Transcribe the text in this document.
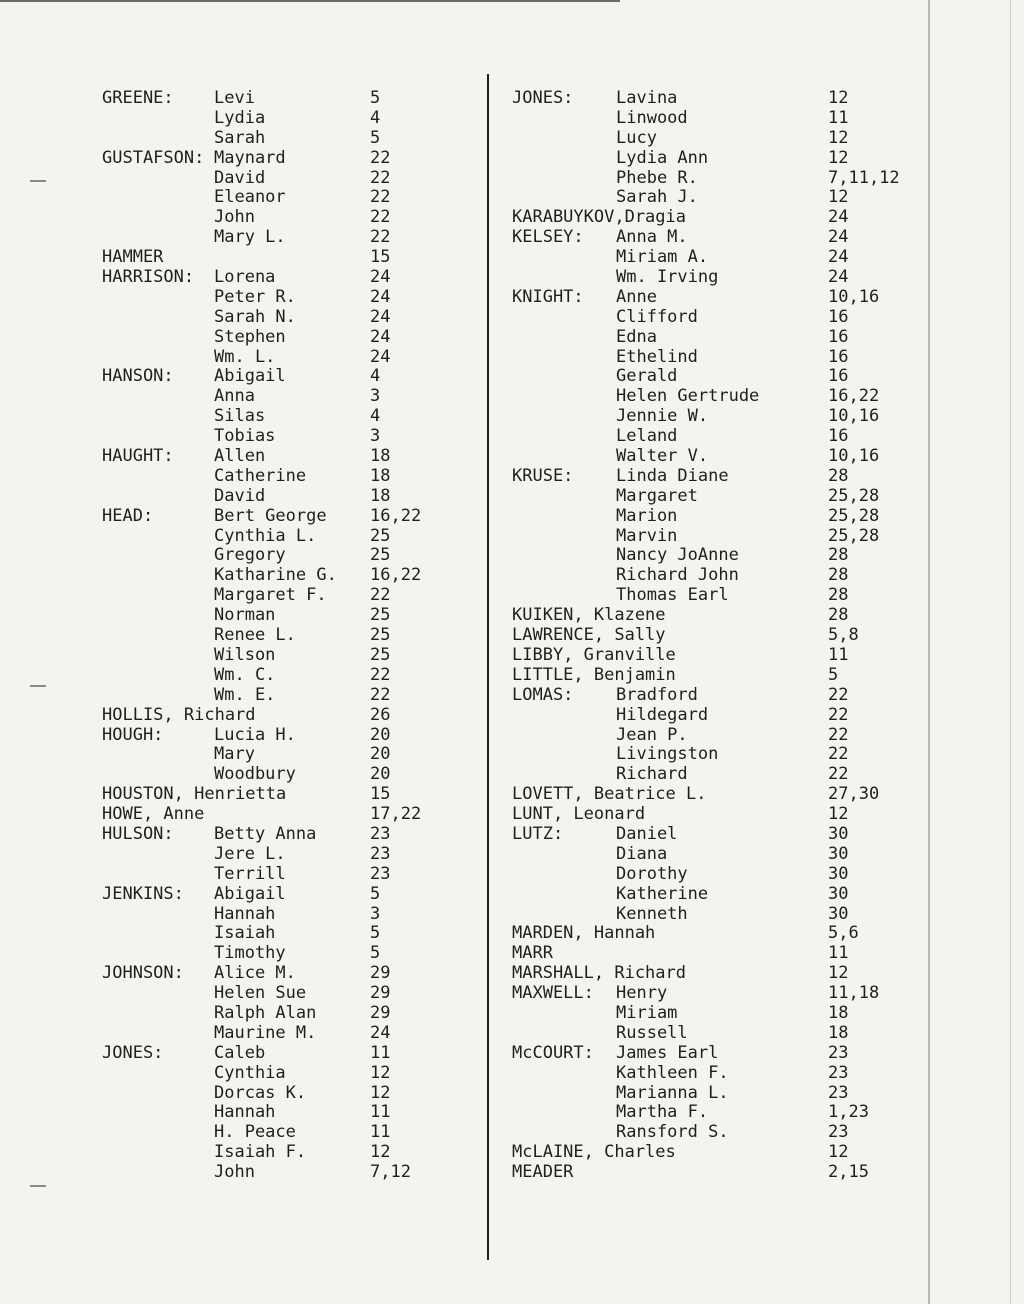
GREENE: Levi	5
Lydia	4
Sarah	5
GUSTAFSON: Maynard	22
David	22
Eleanor	22
John	22
Mary L.	22
HAMMER	15
HARRISON: Lorena	24
Peter R.	24
Sarah N.	24
Stephen	24
Wm. L.	24
HANSON: Abigail	4
Anna	3
Silas	4
Tobias	3
HAUGHT: Allen	18
Catherine	18
David	18
HEAD:	Bert George	16,22
Cynthia L.	25
Gregory	25
Katharine G. 16,22
Margaret F.	22
Norman	25
Renee L.	25
Wilson	25
Wm. C.	22
Wm. E.	22
HOLLIS, Richard	26
HOUGH:	Lucia H.	20
Mary	20
Woodbury	20
HOUSTON, Henrietta	15
HOWE, Anne	17,22
HULSON: Betty Anna	23
Jere L.	23
Terrill	23
JENKINS: Abigail	5
Hannah	3
Isaiah	5
Timothy	5
JOHNSON: Alice M.	29
Helen Sue	29
Ralph Alan	29
Maurine M.	24
JONES:	Caleb	11
Cynthia	12
Dorcas K.	12
Hannah	11
H. Peace	11
Isaiah F.	12
John	7,12
JONES:	Lavina	12
Linwood	11
Lucy	12
Lydia Ann	12
Phebe R.	7,11,12
Sarah J.	12
KARABUYKOV,Dragia	24
KELSEY: Anna M.	24
Miriam A.	24
Wm. Irving	24
KNIGHT: Anne	10,16
Clifford	16
Edna	16
Ethelind	16
Gerald	16
Helen Gertrude	16,22
Jennie W.	10,16
Leland	16
Walter V.	10,16
KRUSE:	Linda Diane	28
Margaret	25,28
Marion	25,28
Marvin	25,28
Nancy JoAnne	28
Richard John	28
Thomas Earl	28
KUIKEN, Klazene	28
LAWRENCE, Sally	5,8
LIBBY, Granville	11
LITTLE, Benjamin	5
LOMAS:	Bradford	22
Hildegard	22
Jean P.	22
Livingston	22
Richard	22
LOVETT, Beatrice L.	27,30
LUNT, Leonard	12
LUTZ:	Daniel	30
Diana	30
Dorothy	30
Katherine	30
Kenneth	30
MARDEN, Hannah	5,6
MARR	11
MARSHALL, Richard	12
MAXWELL: Henry	11,18
Miriam	18
Russell	18
McCOURT: James Earl	23
Kathleen F.	23
Marianna L.	23
Martha F.	1,23
Ransford S.	23
McLAINE, Charles	12
MEADER	2,15
